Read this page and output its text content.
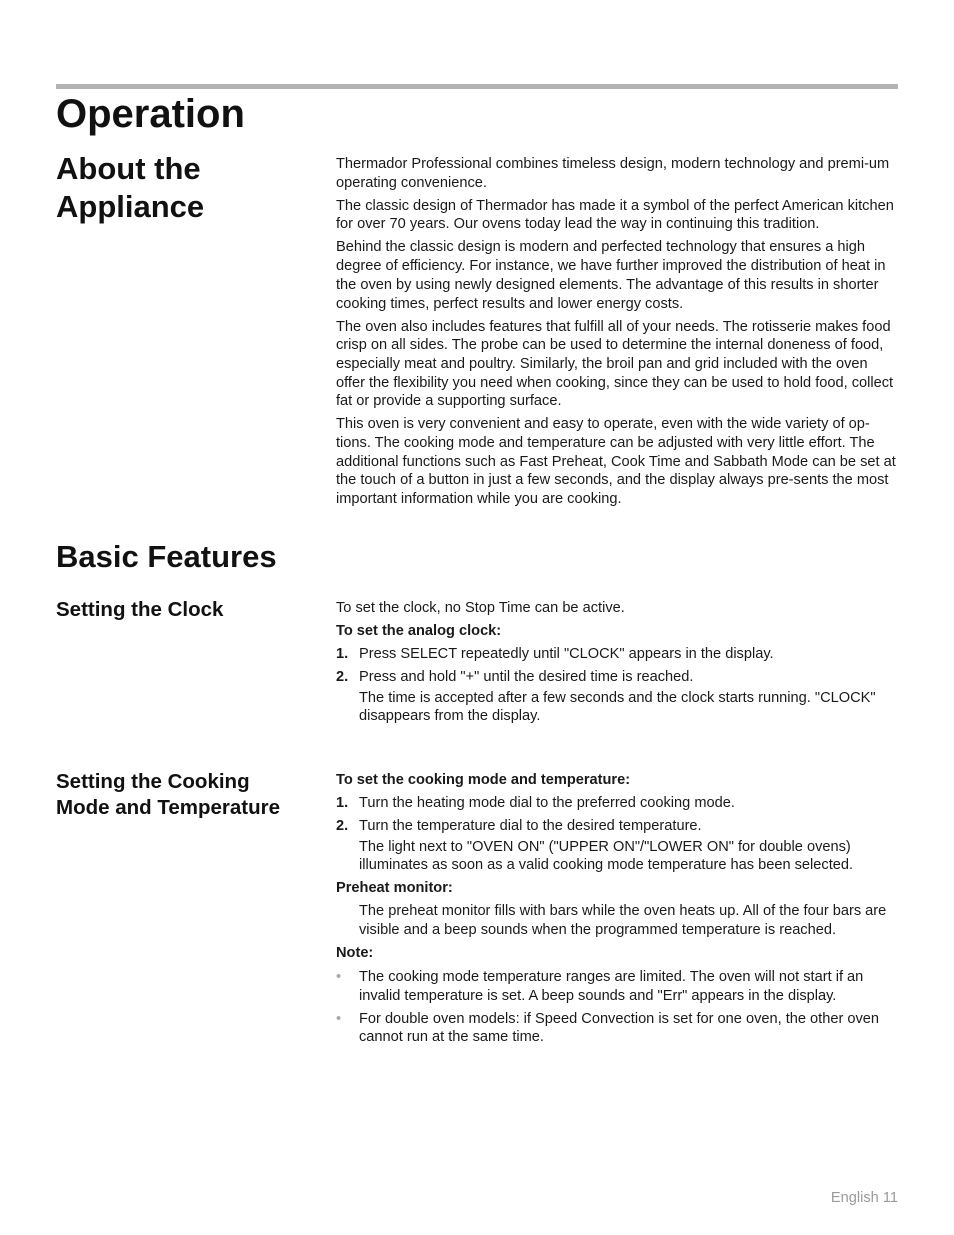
Operation
About the
Appliance

Thermador Professional combines timeless design, modern technology and premi-um operating convenience.

The classic design of Thermador has made it a symbol of the perfect American kitchen for over 70 years. Our ovens today lead the way in continuing this tradition.

Behind the classic design is modern and perfected technology that ensures a high degree of efficiency. For instance, we have further improved the distribution of heat in the oven by using newly designed elements. The advantage of this results in shorter cooking times, perfect results and lower energy costs.

The oven also includes features that fulfill all of your needs. The rotisserie makes food crisp on all sides. The probe can be used to determine the internal doneness of food, especially meat and poultry. Similarly, the broil pan and grid included with the oven offer the flexibility you need when cooking, since they can be used to hold food, collect fat or provide a supporting surface.

This oven is very convenient and easy to operate, even with the wide variety of op-tions. The cooking mode and temperature can be adjusted with very little effort. The additional functions such as Fast Preheat, Cook Time and Sabbath Mode can be set at the touch of a button in just a few seconds, and the display always pre-sents the most important information while you are cooking.

Basic Features
Setting the Clock	To set the clock, no Stop Time can be active.

To set the analog clock:

1. Press SELECT repeatedly until "CLOCK" appears in the display.
2. Press and hold "+" until the desired time is reached.

The time is accepted after a few seconds and the clock starts running. "CLOCK" disappears from the display.

Setting the Cooking
Mode and Temperature

To set the cooking mode and temperature:

1. Turn the heating mode dial to the preferred cooking mode.
2. Turn the temperature dial to the desired temperature.

The light next to "OVEN ON" ("UPPER ON"/"LOWER ON" for double ovens) illuminates as soon as a valid cooking mode temperature has been selected.

Preheat monitor:

The preheat monitor fills with bars while the oven heats up. All of the four bars are visible and a beep sounds when the programmed temperature is reached.

Note:

• The cooking mode temperature ranges are limited. The oven will not start if an invalid temperature is set. A beep sounds and "Err" appears in the display.
• For double oven models: if Speed Convection is set for one oven, the other oven cannot run at the same time.
English 11
